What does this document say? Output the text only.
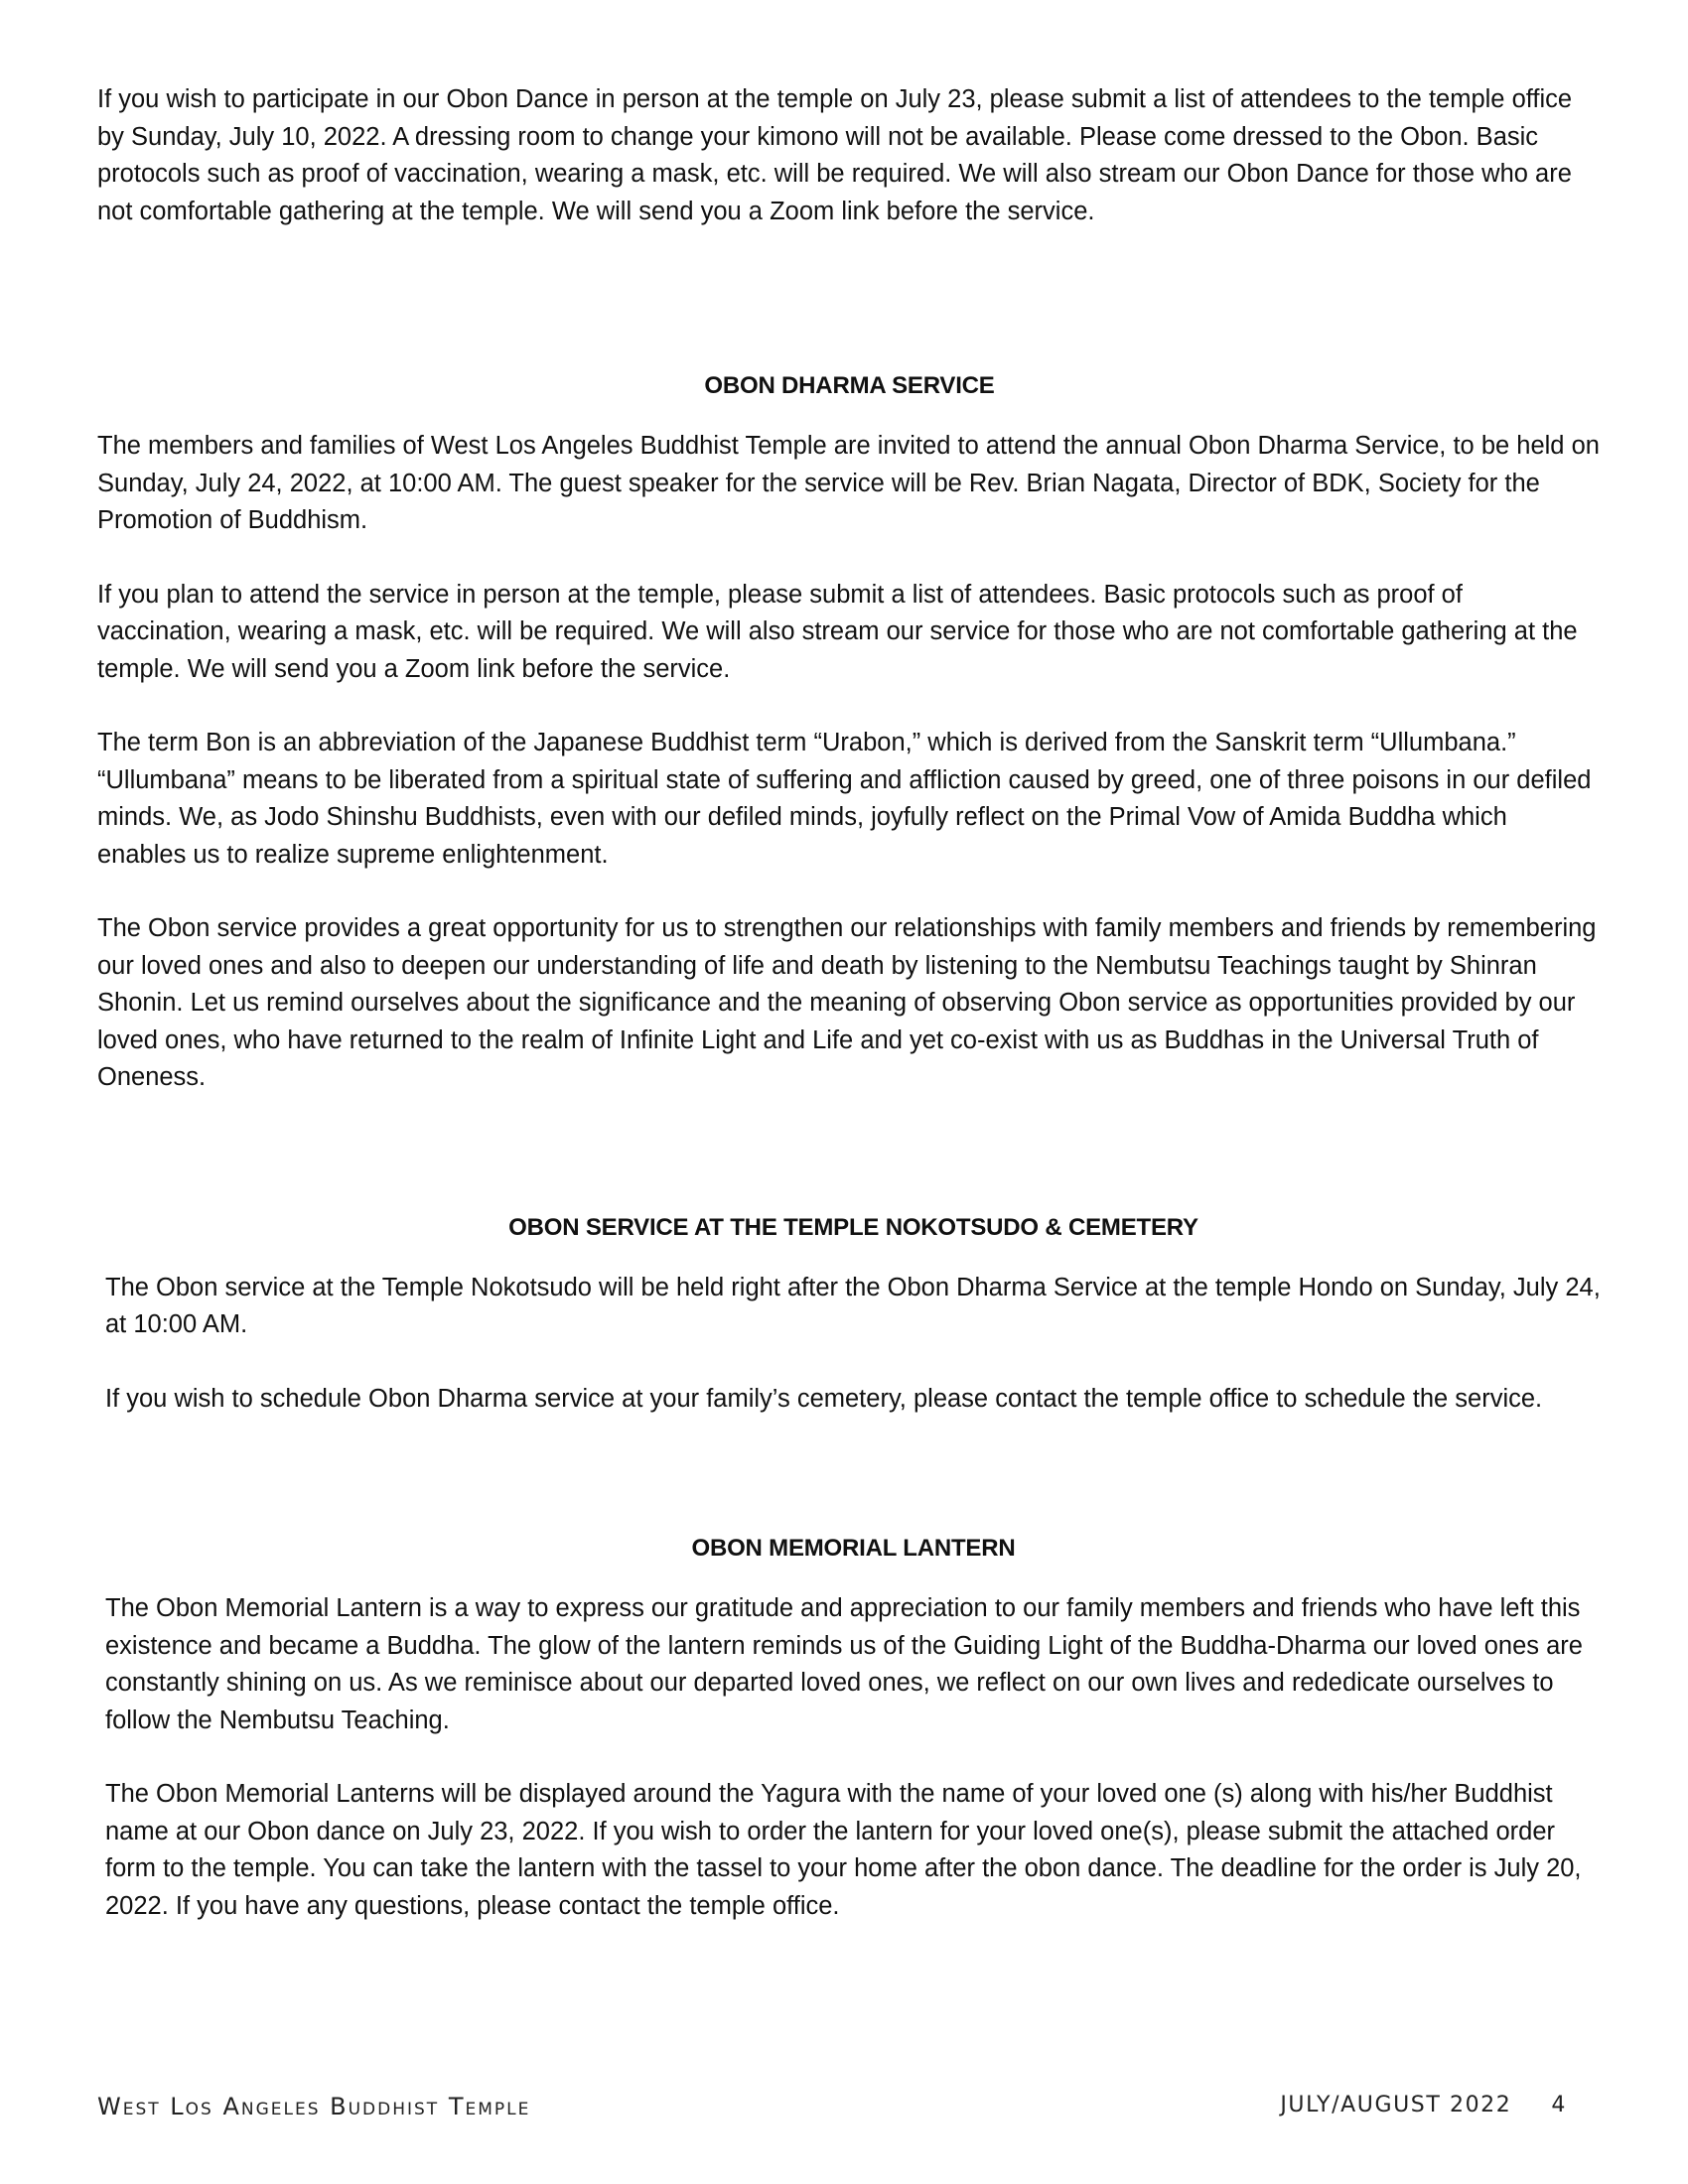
If you wish to participate in our Obon Dance in person at the temple on July 23, please submit a list of attendees to the temple office by Sunday, July 10, 2022. A dressing room to change your kimono will not be available. Please come dressed to the Obon. Basic protocols such as proof of vaccination, wearing a mask, etc. will be required. We will also stream our Obon Dance for those who are not comfortable gathering at the temple. We will send you a Zoom link before the service.

OBON DHARMA SERVICE

The members and families of West Los Angeles Buddhist Temple are invited to attend the annual Obon Dharma Service, to be held on Sunday, July 24, 2022, at 10:00 AM. The guest speaker for the service will be Rev. Brian Nagata, Director of BDK, Society for the Promotion of Buddhism.

If you plan to attend the service in person at the temple, please submit a list of attendees. Basic protocols such as proof of vaccination, wearing a mask, etc. will be required. We will also stream our service for those who are not comfortable gathering at the temple. We will send you a Zoom link before the service.

The term Bon is an abbreviation of the Japanese Buddhist term “Urabon,” which is derived from the Sanskrit term “Ullumbana.” “Ullumbana” means to be liberated from a spiritual state of suffering and affliction caused by greed, one of three poisons in our defiled minds. We, as Jodo Shinshu Buddhists, even with our defiled minds, joyfully reflect on the Primal Vow of Amida Buddha which enables us to realize supreme enlightenment.

The Obon service provides a great opportunity for us to strengthen our relationships with family members and friends by remembering our loved ones and also to deepen our understanding of life and death by listening to the Nembutsu Teachings taught by Shinran Shonin. Let us remind ourselves about the significance and the meaning of observing Obon service as opportunities provided by our loved ones, who have returned to the realm of Infinite Light and Life and yet co-exist with us as Buddhas in the Universal Truth of Oneness.

OBON SERVICE AT THE TEMPLE NOKOTSUDO & CEMETERY

The Obon service at the Temple Nokotsudo will be held right after the Obon Dharma Service at the temple Hondo on Sunday, July 24, at 10:00 AM.

If you wish to schedule Obon Dharma service at your family’s cemetery, please contact the temple office to schedule the service.

OBON MEMORIAL LANTERN

The Obon Memorial Lantern is a way to express our gratitude and appreciation to our family members and friends who have left this existence and became a Buddha. The glow of the lantern reminds us of the Guiding Light of the Buddha-Dharma our loved ones are constantly shining on us. As we reminisce about our departed loved ones, we reflect on our own lives and rededicate ourselves to follow the Nembutsu Teaching.

The Obon Memorial Lanterns will be displayed around the Yagura with the name of your loved one (s) along with his/her Buddhist name at our Obon dance on July 23, 2022. If you wish to order the lantern for your loved one(s), please submit the attached order form to the temple. You can take the lantern with the tassel to your home after the obon dance. The deadline for the order is July 20, 2022. If you have any questions, please contact the temple office.

West Los Angeles Buddhist Temple	JULY/AUGUST 2022 4
